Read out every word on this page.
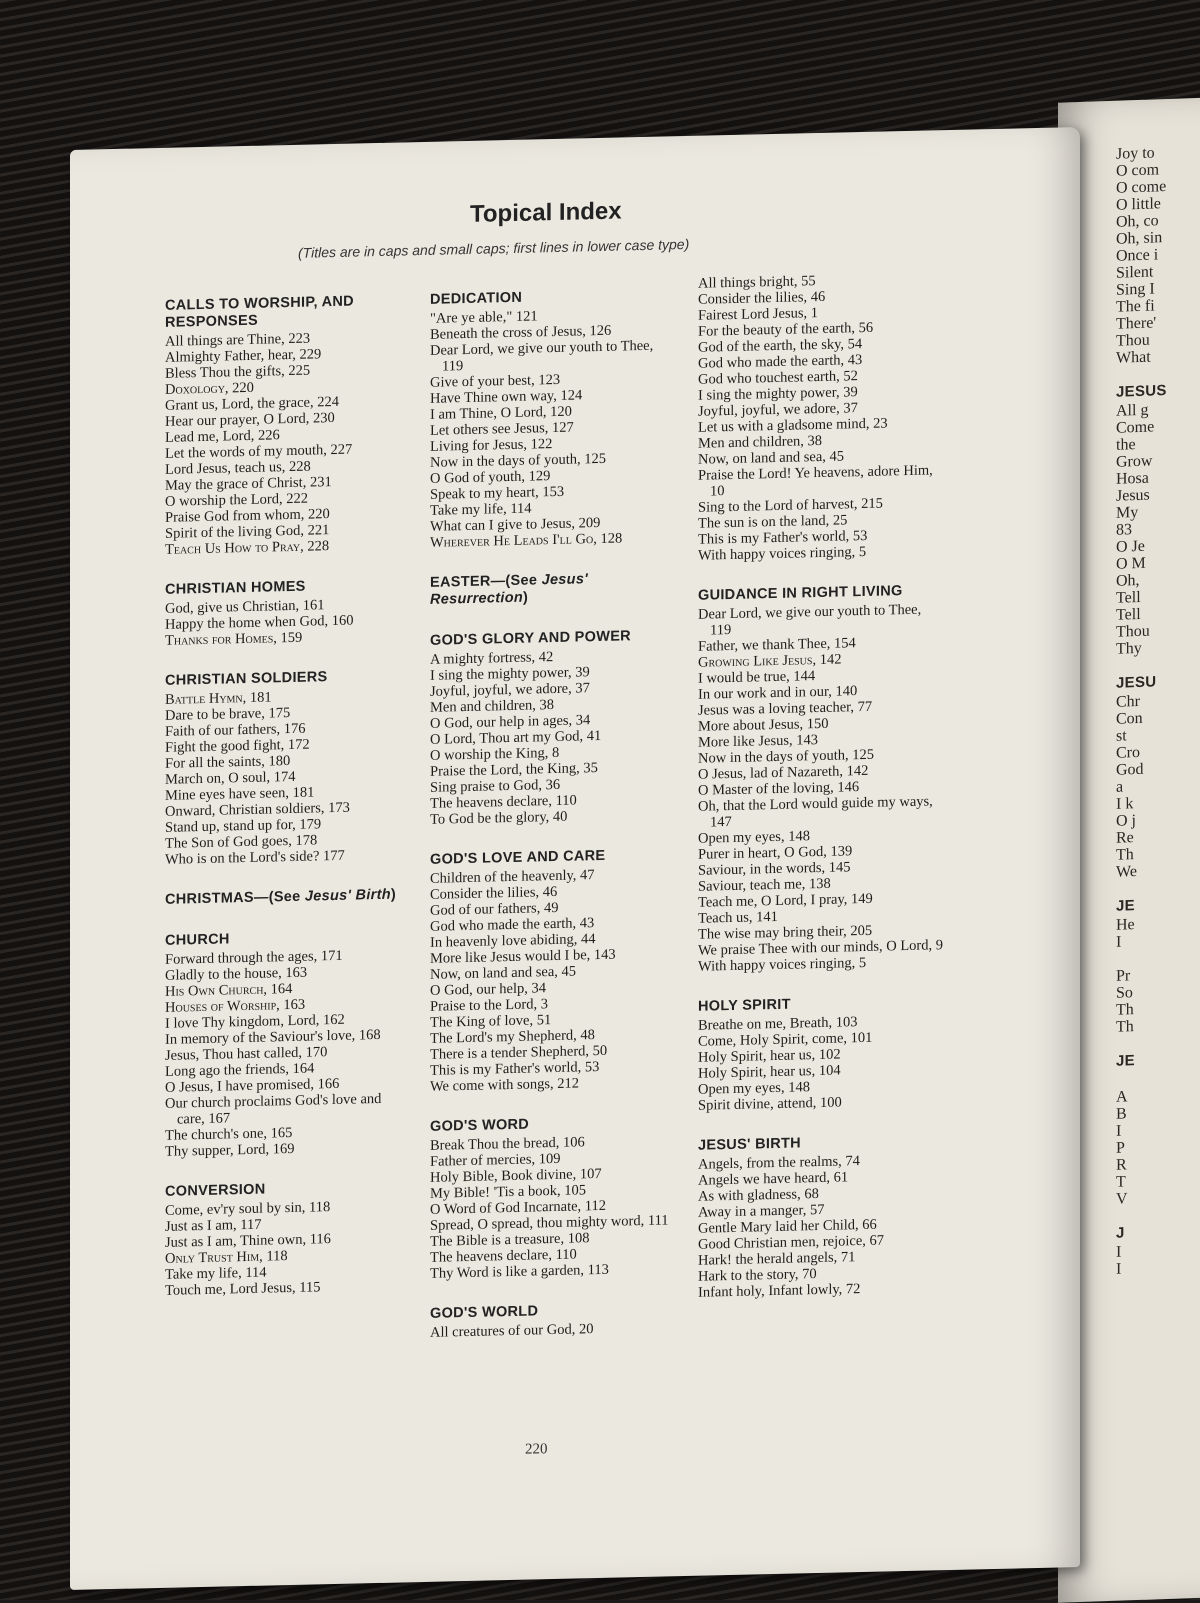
Joy to
O com
O come
O little
Oh, co
Oh, sin
Once i
Silent
Sing I
The fi
There'
Thou
What

JESUS
All g
Come
the
Grow
Hosa
Jesus
My
83
O Je
O M
Oh,
Tell
Tell
Thou
Thy

JESU
Chr
Con
st
Cro
God
a
I k
O j
Re
Th
We

JE
He
I

Pr
So
Th
Th

JE

A
B
I
P
R
T
V

J
I
I
Topical Index
(Titles are in caps and small caps; first lines in lower case type)
CALLS TO WORSHIP, AND RESPONSES
All things are Thine, 223
Almighty Father, hear, 229
Bless Thou the gifts, 225
Doxology, 220
Grant us, Lord, the grace, 224
Hear our prayer, O Lord, 230
Lead me, Lord, 226
Let the words of my mouth, 227
Lord Jesus, teach us, 228
May the grace of Christ, 231
O worship the Lord, 222
Praise God from whom, 220
Spirit of the living God, 221
Teach Us How to Pray, 228
CHRISTIAN HOMES
God, give us Christian, 161
Happy the home when God, 160
Thanks for Homes, 159
CHRISTIAN SOLDIERS
Battle Hymn, 181
Dare to be brave, 175
Faith of our fathers, 176
Fight the good fight, 172
For all the saints, 180
March on, O soul, 174
Mine eyes have seen, 181
Onward, Christian soldiers, 173
Stand up, stand up for, 179
The Son of God goes, 178
Who is on the Lord's side? 177
CHRISTMAS—(See Jesus' Birth)
CHURCH
Forward through the ages, 171
Gladly to the house, 163
His Own Church, 164
Houses of Worship, 163
I love Thy kingdom, Lord, 162
In memory of the Saviour's love, 168
Jesus, Thou hast called, 170
Long ago the friends, 164
O Jesus, I have promised, 166
Our church proclaims God's love and care, 167
The church's one, 165
Thy supper, Lord, 169
CONVERSION
Come, ev'ry soul by sin, 118
Just as I am, 117
Just as I am, Thine own, 116
Only Trust Him, 118
Take my life, 114
Touch me, Lord Jesus, 115
DEDICATION
"Are ye able," 121
Beneath the cross of Jesus, 126
Dear Lord, we give our youth to Thee, 119
Give of your best, 123
Have Thine own way, 124
I am Thine, O Lord, 120
Let others see Jesus, 127
Living for Jesus, 122
Now in the days of youth, 125
O God of youth, 129
Speak to my heart, 153
Take my life, 114
What can I give to Jesus, 209
Wherever He Leads I'll Go, 128
EASTER—(See Jesus' Resurrection)
GOD'S GLORY AND POWER
A mighty fortress, 42
I sing the mighty power, 39
Joyful, joyful, we adore, 37
Men and children, 38
O God, our help in ages, 34
O Lord, Thou art my God, 41
O worship the King, 8
Praise the Lord, the King, 35
Sing praise to God, 36
The heavens declare, 110
To God be the glory, 40
GOD'S LOVE AND CARE
Children of the heavenly, 47
Consider the lilies, 46
God of our fathers, 49
God who made the earth, 43
In heavenly love abiding, 44
More like Jesus would I be, 143
Now, on land and sea, 45
O God, our help, 34
Praise to the Lord, 3
The King of love, 51
The Lord's my Shepherd, 48
There is a tender Shepherd, 50
This is my Father's world, 53
We come with songs, 212
GOD'S WORD
Break Thou the bread, 106
Father of mercies, 109
Holy Bible, Book divine, 107
My Bible! 'Tis a book, 105
O Word of God Incarnate, 112
Spread, O spread, thou mighty word, 111
The Bible is a treasure, 108
The heavens declare, 110
Thy Word is like a garden, 113
GOD'S WORLD
All creatures of our God, 20
All things bright, 55
Consider the lilies, 46
Fairest Lord Jesus, 1
For the beauty of the earth, 56
God of the earth, the sky, 54
God who made the earth, 43
God who touchest earth, 52
I sing the mighty power, 39
Joyful, joyful, we adore, 37
Let us with a gladsome mind, 23
Men and children, 38
Now, on land and sea, 45
Praise the Lord! Ye heavens, adore Him, 10
Sing to the Lord of harvest, 215
The sun is on the land, 25
This is my Father's world, 53
With happy voices ringing, 5
GUIDANCE IN RIGHT LIVING
Dear Lord, we give our youth to Thee, 119
Father, we thank Thee, 154
Growing Like Jesus, 142
I would be true, 144
In our work and in our, 140
Jesus was a loving teacher, 77
More about Jesus, 150
More like Jesus, 143
Now in the days of youth, 125
O Jesus, lad of Nazareth, 142
O Master of the loving, 146
Oh, that the Lord would guide my ways, 147
Open my eyes, 148
Purer in heart, O God, 139
Saviour, in the words, 145
Saviour, teach me, 138
Teach me, O Lord, I pray, 149
Teach us, 141
The wise may bring their, 205
We praise Thee with our minds, O Lord, 9
With happy voices ringing, 5
HOLY SPIRIT
Breathe on me, Breath, 103
Come, Holy Spirit, come, 101
Holy Spirit, hear us, 102
Holy Spirit, hear us, 104
Open my eyes, 148
Spirit divine, attend, 100
JESUS' BIRTH
Angels, from the realms, 74
Angels we have heard, 61
As with gladness, 68
Away in a manger, 57
Gentle Mary laid her Child, 66
Good Christian men, rejoice, 67
Hark! the herald angels, 71
Hark to the story, 70
Infant holy, Infant lowly, 72
220
